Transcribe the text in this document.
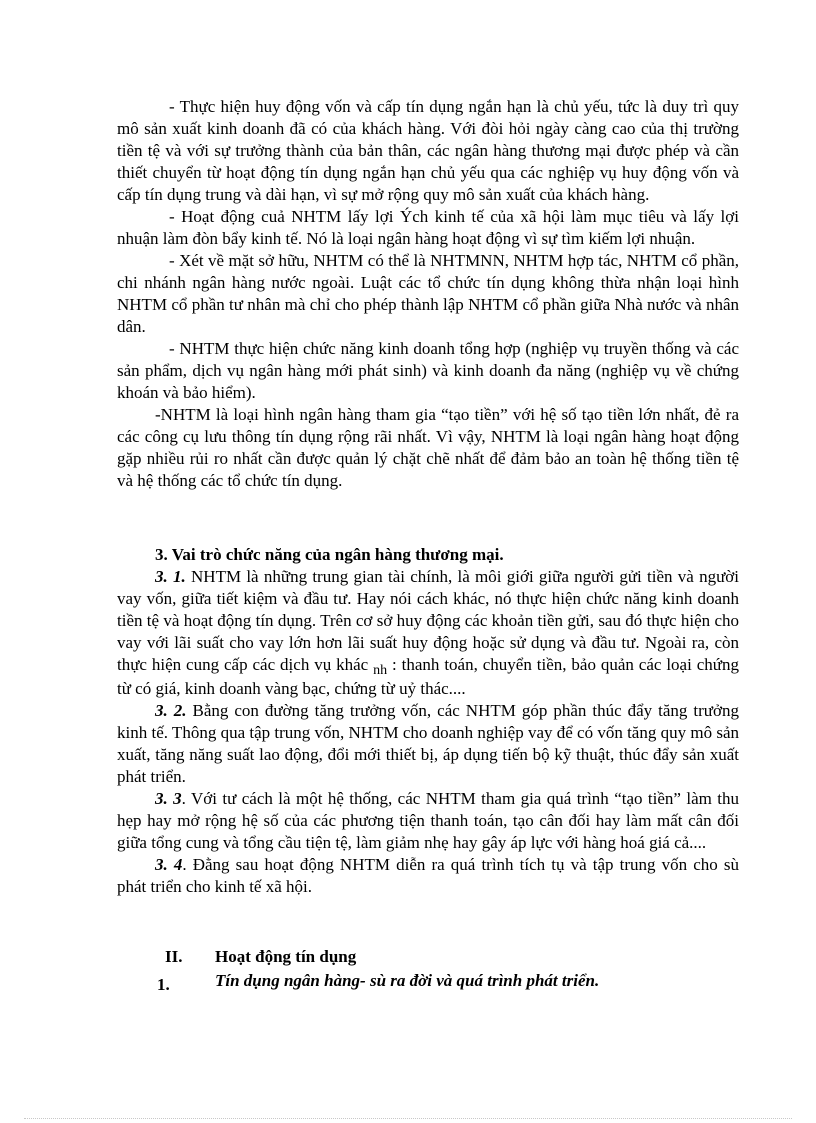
- Thực hiện huy động vốn và cấp tín dụng ngắn hạn là chủ yếu, tức là duy trì quy mô sản xuất kinh doanh đã có của khách hàng. Với đòi hỏi ngày càng cao của thị trường tiền tệ và với sự trưởng thành của bản thân, các ngân hàng thương mại được phép và cần thiết chuyển từ hoạt động tín dụng ngắn hạn chủ yếu qua các nghiệp vụ huy động vốn và cấp tín dụng trung và dài hạn, vì sự mở rộng quy mô sản xuất của khách hàng.

- Hoạt động cuả NHTM lấy lợi Ých kinh tế của xã hội làm mục tiêu và lấy lợi nhuận làm đòn bẩy kinh tế. Nó là loại ngân hàng hoạt động vì sự tìm kiếm lợi nhuận.

- Xét về mặt sở hữu, NHTM có thể là NHTMNN, NHTM hợp tác, NHTM cổ phần, chi nhánh ngân hàng nước ngoài. Luật các tổ chức tín dụng không thừa nhận loại hình NHTM cổ phần tư nhân mà chỉ cho phép thành lập NHTM cổ phần giữa Nhà nước và nhân dân.

- NHTM thực hiện chức năng kinh doanh tổng hợp (nghiệp vụ truyền thống và các sản phẩm, dịch vụ ngân hàng mới phát sinh) và kinh doanh đa năng (nghiệp vụ về chứng khoán và bảo hiểm).

-NHTM là loại hình ngân hàng tham gia “tạo tiền” với hệ số tạo tiền lớn nhất, đẻ ra các công cụ lưu thông tín dụng rộng rãi nhất. Vì vậy, NHTM là loại ngân hàng hoạt động gặp nhiều rủi ro nhất cần được quản lý chặt chẽ nhất để đảm bảo an toàn hệ thống tiền tệ và hệ thống các tổ chức tín dụng.

3. Vai trò chức năng của ngân hàng thương mại.

3. 1. NHTM là những trung gian tài chính, là môi giới giữa người gửi tiền và người vay vốn, giữa tiết kiệm và đầu tư. Hay nói cách khác, nó thực hiện chức năng kinh doanh tiền tệ và hoạt động tín dụng. Trên cơ sở huy động các khoản tiền gửi, sau đó thực hiện cho vay với lãi suất cho vay lớn hơn lãi suất huy động hoặc sử dụng và đầu tư. Ngoài ra, còn thực hiện cung cấp các dịch vụ khác $_{nh}$ : thanh toán, chuyển tiền, bảo quản các loại chứng từ có giá, kinh doanh vàng bạc, chứng từ uỷ thác....

3. 2. Bằng con đường tăng trưởng vốn, các NHTM góp phần thúc đẩy tăng trưởng kinh tế. Thông qua tập trung vốn, NHTM cho doanh nghiệp vay để có vốn tăng quy mô sản xuất, tăng năng suất lao động, đổi mới thiết bị, áp dụng tiến bộ kỹ thuật, thúc đẩy sản xuất phát triển.

3. 3. Với tư cách là một hệ thống, các NHTM tham gia quá trình “tạo tiền” làm thu hẹp hay mở rộng hệ số của các phương tiện thanh toán, tạo cân đối hay làm mất cân đối giữa tổng cung và tổng cầu tiện tệ, làm giảm nhẹ hay gây áp lực với hàng hoá giá cả....

3. 4. Đằng sau hoạt động NHTM diễn ra quá trình tích tụ và tập trung vốn cho sù phát triển cho kinh tế xã hội.

II. Hoạt động tín dụng
1.	Tín dụng ngân hàng- sù ra đời và quá trình phát triển.
